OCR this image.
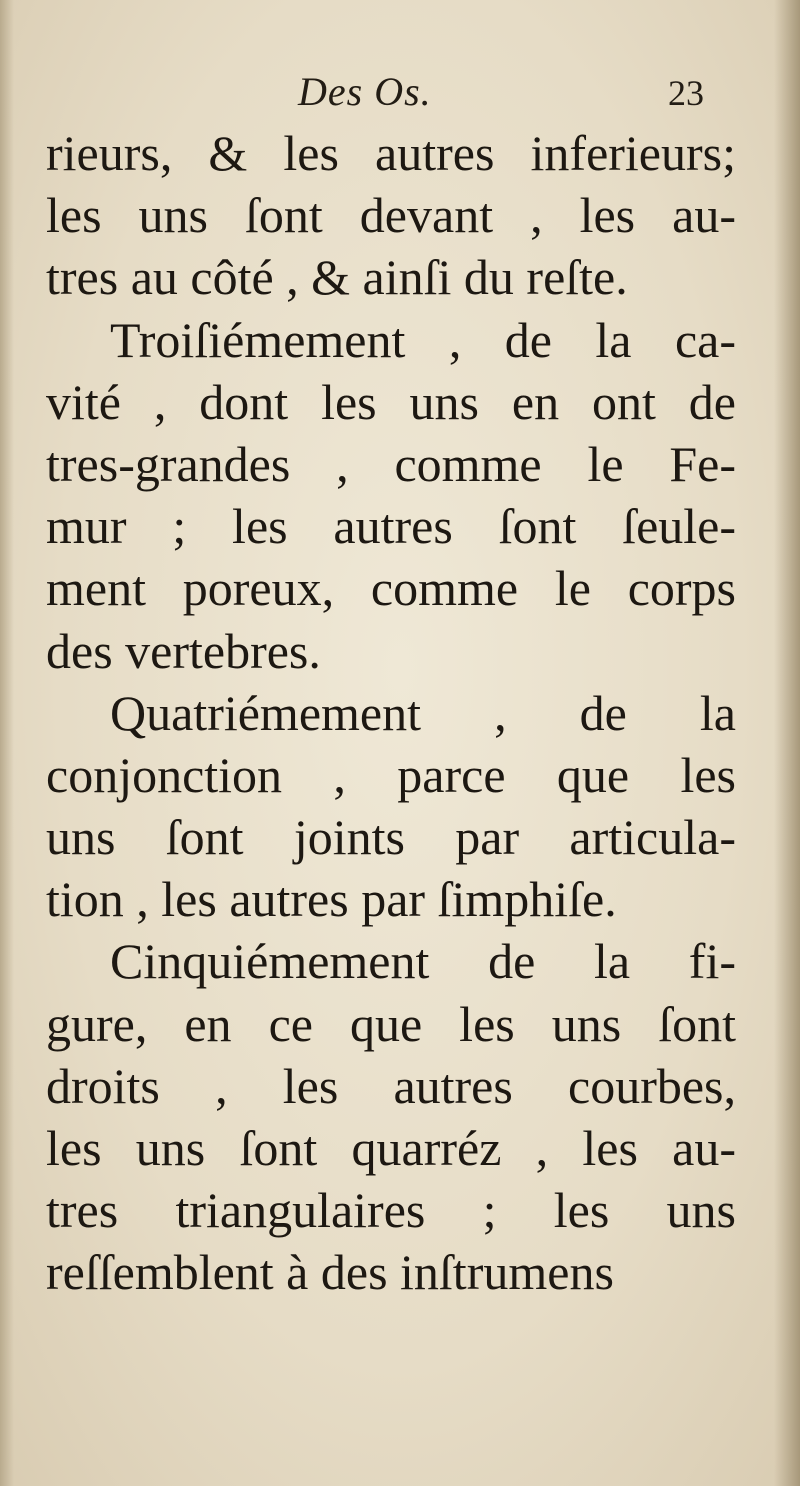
Des Os.	23
rieurs, & les autres inferieurs;
les uns ſont devant , les au-
tres au côté , & ainſi du reſte.
Troiſiémement , de la ca-
vité , dont les uns en ont de
tres-grandes , comme le Fe-
mur ; les autres ſont ſeule-
ment poreux, comme le corps
des vertebres.
Quatriémement , de la
conjonction , parce que les
uns ſont joints par articula-
tion , les autres par ſimphiſe.
Cinquiémement de la fi-
gure, en ce que les uns ſont
droits , les autres courbes,
les uns ſont quarréz , les au-
tres triangulaires ; les uns
reſſemblent à des inſtrumens
